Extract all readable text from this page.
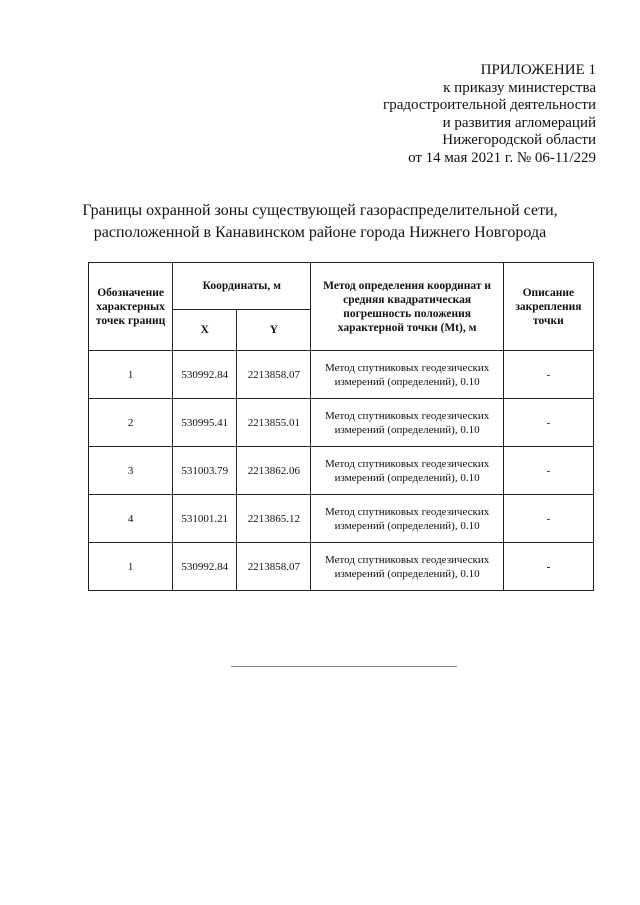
ПРИЛОЖЕНИЕ 1
к приказу министерства
градостроительной деятельности
и развития агломераций
Нижегородской области
от 14 мая 2021 г. № 06-11/229
Границы охранной зоны существующей газораспределительной сети,
расположенной в Канавинском районе города Нижнего Новгорода
Обозначение характерных точек границ	Координаты, м		Метод определения координат и средняя квадратическая погрешность положения характерной точки (Mt), м	Описание закрепления точки
	X	Y		
1	530992.84	2213858.07	Метод спутниковых геодезических измерений (определений), 0.10	-
2	530995.41	2213855.01	Метод спутниковых геодезических измерений (определений), 0.10	-
3	531003.79	2213862.06	Метод спутниковых геодезических измерений (определений), 0.10	-
4	531001.21	2213865.12	Метод спутниковых геодезических измерений (определений), 0.10	-
1	530992.84	2213858.07	Метод спутниковых геодезических измерений (определений), 0.10	-
